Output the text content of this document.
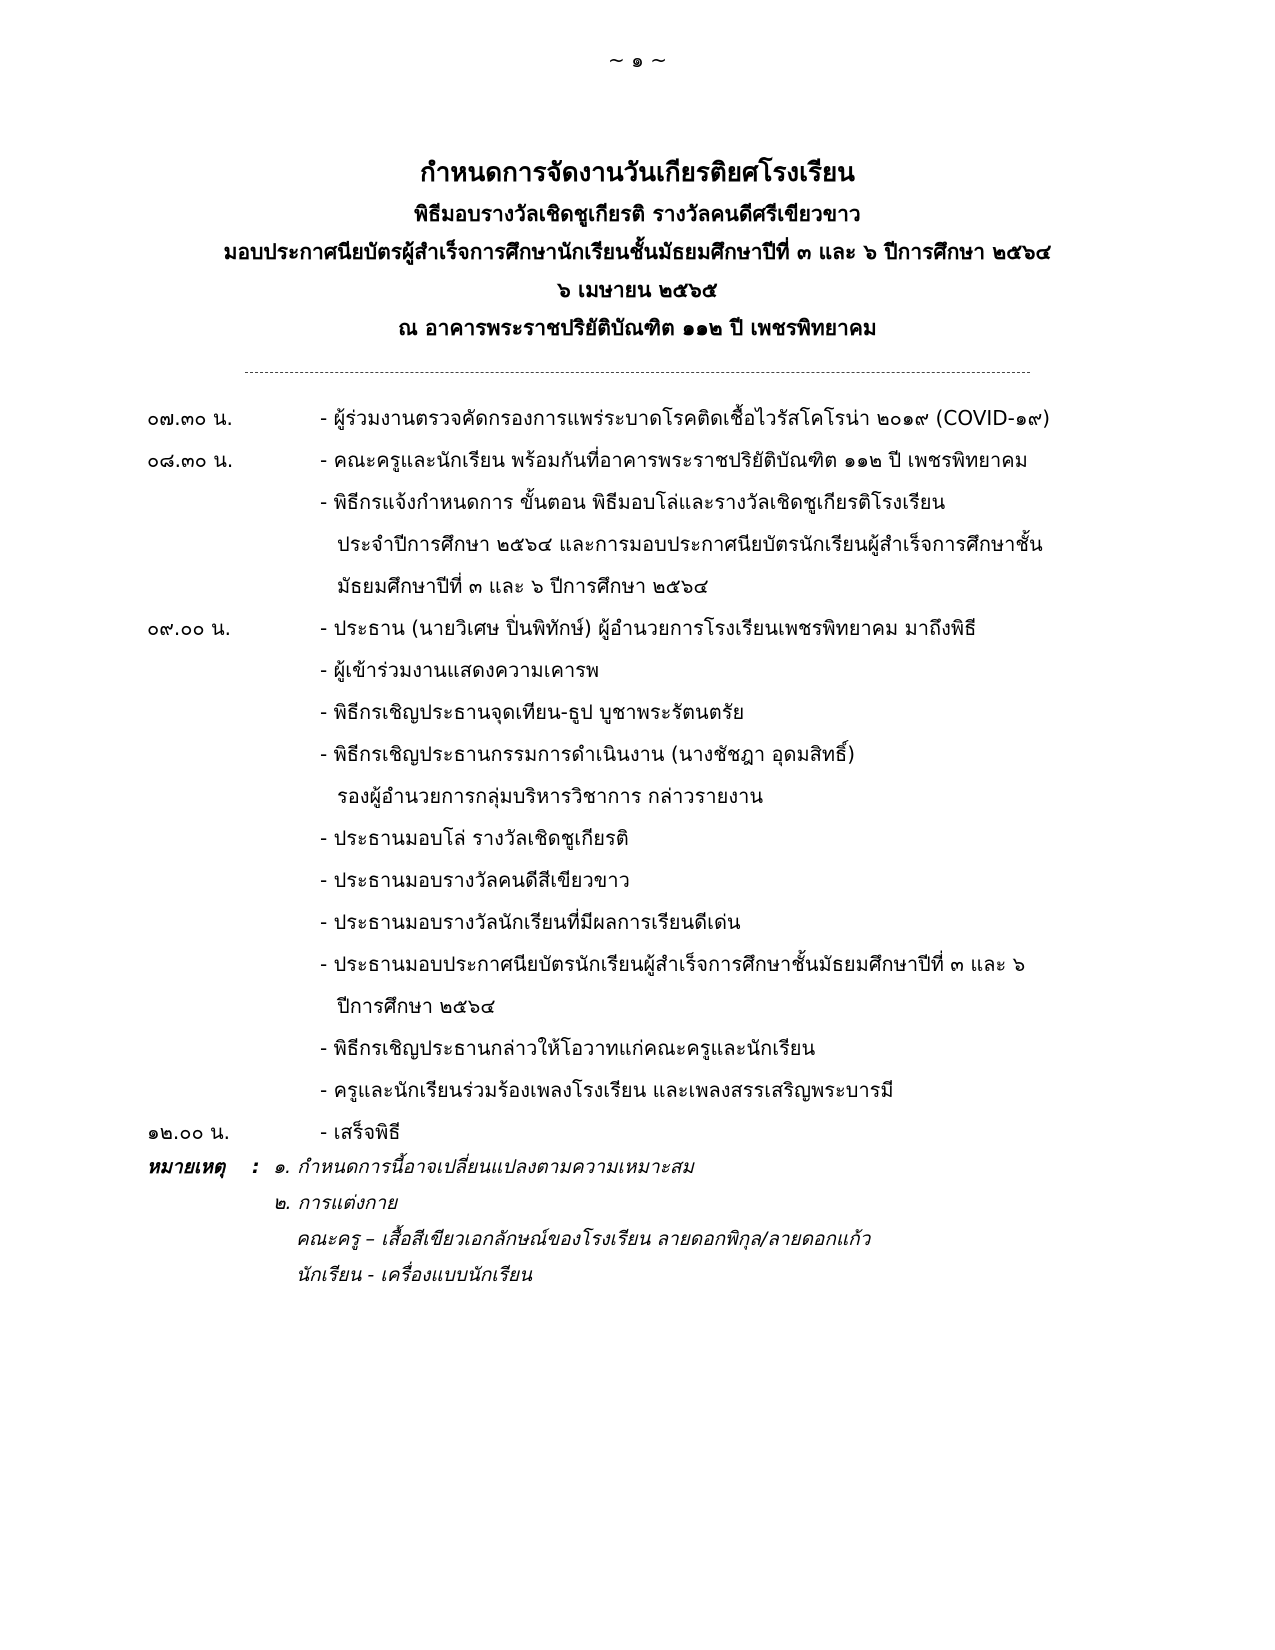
~ ๑ ~
กำหนดการจัดงานวันเกียรติยศโรงเรียน
พิธีมอบรางวัลเชิดชูเกียรติ รางวัลคนดีศรีเขียวขาว
มอบประกาศนียบัตรผู้สำเร็จการศึกษานักเรียนชั้นมัธยมศึกษาปีที่ ๓ และ ๖ ปีการศึกษา ๒๕๖๔
๖ เมษายน ๒๕๖๕
ณ อาคารพระราชปริยัติบัณฑิต ๑๑๒ ปี เพชรพิทยาคม
๐๗.๓๐ น.	- ผู้ร่วมงานตรวจคัดกรองการแพร่ระบาดโรคติดเชื้อไวรัสโคโรน่า ๒๐๑๙ (COVID-๑๙)
๐๘.๓๐ น.	- คณะครูและนักเรียน พร้อมกันที่อาคารพระราชปริยัติบัณฑิต ๑๑๒ ปี เพชรพิทยาคม
- พิธีกรแจ้งกำหนดการ ขั้นตอน พิธีมอบโล่และรางวัลเชิดชูเกียรติโรงเรียน
ประจำปีการศึกษา ๒๕๖๔ และการมอบประกาศนียบัตรนักเรียนผู้สำเร็จการศึกษาชั้น
มัธยมศึกษาปีที่ ๓ และ ๖ ปีการศึกษา ๒๕๖๔
๐๙.๐๐ น.	- ประธาน (นายวิเศษ ปิ่นพิทักษ์) ผู้อำนวยการโรงเรียนเพชรพิทยาคม มาถึงพิธี
- ผู้เข้าร่วมงานแสดงความเคารพ
- พิธีกรเชิญประธานจุดเทียน-ธูป บูชาพระรัตนตรัย
- พิธีกรเชิญประธานกรรมการดำเนินงาน (นางชัชฎา อุดมสิทธิ์)
รองผู้อำนวยการกลุ่มบริหารวิชาการ กล่าวรายงาน
- ประธานมอบโล่ รางวัลเชิดชูเกียรติ
- ประธานมอบรางวัลคนดีสีเขียวขาว
- ประธานมอบรางวัลนักเรียนที่มีผลการเรียนดีเด่น
- ประธานมอบประกาศนียบัตรนักเรียนผู้สำเร็จการศึกษาชั้นมัธยมศึกษาปีที่ ๓ และ ๖
ปีการศึกษา ๒๕๖๔
- พิธีกรเชิญประธานกล่าวให้โอวาทแก่คณะครูและนักเรียน
- ครูและนักเรียนร่วมร้องเพลงโรงเรียน และเพลงสรรเสริญพระบารมี
๑๒.๐๐ น.	- เสร็จพิธี
หมายเหตุ : ๑. กำหนดการนี้อาจเปลี่ยนแปลงตามความเหมาะสม
๒. การแต่งกาย
คณะครู – เสื้อสีเขียวเอกลักษณ์ของโรงเรียน ลายดอกพิกุล/ลายดอกแก้ว
นักเรียน - เครื่องแบบนักเรียน
